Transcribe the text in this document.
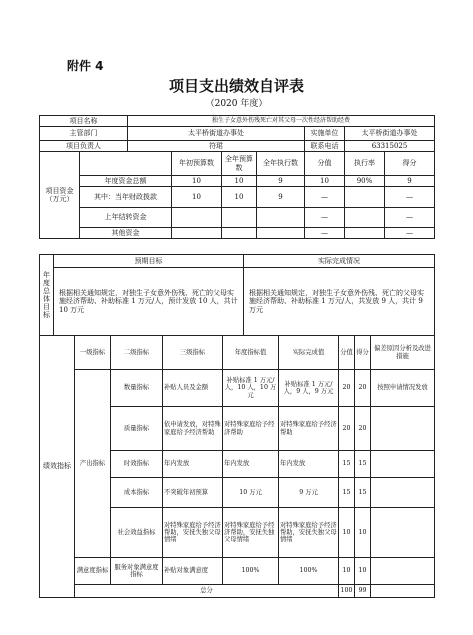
附件 4
项目支出绩效自评表
（2020 年度）
项目名称		独生子女意外伤残死亡对其父母一次性经济帮助经费						
主管部门		太平桥街道办事处				实施单位	太平桥街道办事处	
项目负责人		符珺				联系电话	63315025	
项目资金（万元）			年初预算数	全年预算数	全年执行数	分值	执行率	得分
	年度资金总额		10	10	9	10	90%	9
	其中：当年财政拨款		10	10	9	—		—
	上年结转资金					—		—
	其他资金					—		—
年度总体目标	预期目标	实际完成情况
	根据相关通知规定，对独生子女意外伤残、死亡的父母实施经济帮助、补助标准 1 万元/人，预计发放 10 人，共计 10 万元	根据相关通知规定，对独生子女意外伤残、死亡的父母实施经济帮助、补助标准 1 万元/人，共发放 9 人，共计 9 万元
绩效指标	一级指标	二级指标	三级指标	年度指标值	实际完成值	分值	得分	偏差原因分析及改进措施
	产出指标	数量指标	补贴人员及金额	补贴标准 1 万元/人，10 人，10 万元	补贴标准 1 万元/人，9 人，9 万元	20	20	按照申请情况发放
		质量指标	依申请发放，对特殊家庭给予经济帮助	对特殊家庭给予经济帮助	对特殊家庭给予经济帮助	20	20	
		时效指标	年内发放	年内发放	年内发放	15	15	
		成本指标	不突破年初预算	10 万元	9 万元	15	15	
		社会效益指标	对特殊家庭给予经济帮助，安抚失独父母情绪	对特殊家庭给予经济帮助，安抚失独父母情绪	对特殊家庭给予经济帮助，安抚失独父母情绪	10	10	
	满意度指标	服务对象满意度指标	补贴对象满意度	100%	100%	10	10	
	总分					100	99	
